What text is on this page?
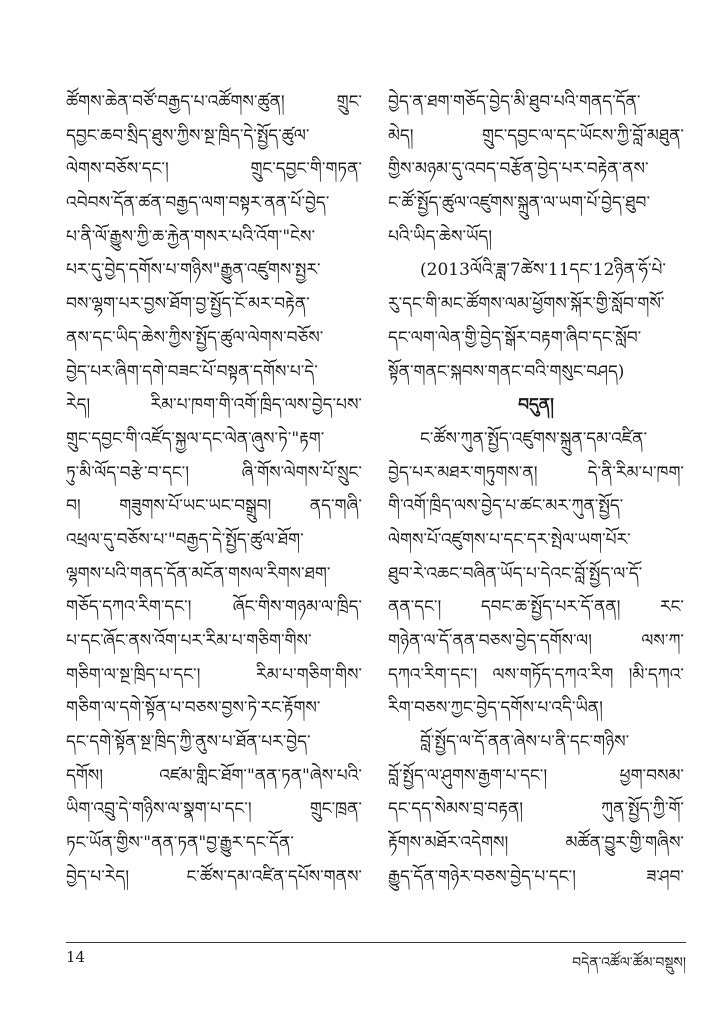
ཚོགས་ཆེན་བཙོ་བརྒྱད་པ་འཚོགས་ཚུན། གྲུང་
དབྱང་ཆབ་སྲིད་ཐུས་ཀྱིས་སྔ་ཁྲིད་དེ་སྤྱོད་ཚུལ་
ལེགས་བཅོས་དང་། གྲུང་དབྱང་གི་གཏན་
འབེབས་དོན་ཚན་བརྒྱད་ལག་བསྟར་ནན་པོ་བྱེད་
པ་ནི་ལོ་རྒྱུས་ཀྱི་ཆ་རྐྱེན་གསར་པའི་འོག་"ངེས་
པར་དུ་བྱེད་དགོས་པ་གཉིས"རྒྱུན་འཛུགས་སྤྱར་
བས་ལྷག་པར་བྱས་ཐོག་བྱ་སྤྱོད་ངོ་མར་བརྟེན་
ནས་དང་ཡིད་ཆེས་ཀྱིས་སྤྱོད་ཚུལ་ལེགས་བཅོས་
བྱེད་པར་ཞིག་དགེ་བཟང་པོ་བསྟན་དགོས་པ་དེ་
རེད། རིམ་པ་ཁག་གི་འགོ་ཁྲིད་ལས་བྱེད་པས་
གྲུང་དབྱང་གི་འཛོད་སྐྱལ་དང་ལེན་ཞུས་ཏེ་"རྟག་
ཏུ་མི་ལོད་བརྩེ་བ་དང་། ཞི་གོས་ལེགས་པོ་སྲུང་
བ། གཟུགས་པོ་ཡང་ཡང་བསྒྲུབ། ནད་གཞི་
འཕྲལ་དུ་བཅོས་པ་"བརྒྱད་དེ་སྤྱོད་ཚུལ་ཐོག་
ལྷགས་པའི་གནད་དོན་མངོན་གསལ་རིགས་ཐག་
གཅོད་དཀའ་རིག་དང་། ཞོང་གིས་གཉམ་ལ་ཁྲིད་
པ་དང་ཞོང་ནས་འོག་པར་རིམ་པ་གཅིག་གིས་
གཅིག་ལ་སྔ་ཁྲིད་པ་དང་། རིམ་པ་གཅིག་གིས་
གཅིག་ལ་དགེ་སྟོན་པ་བཅས་བྱས་ཏེ་རང་རྟོགས་
དང་དགེ་སྟོན་སྔ་ཁྲིད་ཀྱི་ནུས་པ་ཐོན་པར་བྱེད་
དགོས། འཛམ་གླིང་ཐོག་"ནན་ཏན"ཞེས་པའི་
ཡིག་འབྲུ་དེ་གཉིས་ལ་སྣག་པ་དང་། གྲུང་ཁྲན་
ཏང་ཡོན་གྱིས་"ནན་ཏན"བྱ་རྒྱུར་དང་དོན་
བྱེད་པ་རེད། ང་ཚོས་དམ་འཛིན་དཔོས་གནས་
བྱེད་ན་ཐག་གཅོད་བྱེད་མི་ཐུབ་པའི་གནད་དོན་
མེད། གྲུང་དབྱང་ལ་དང་ཡོངས་ཀྱི་བློ་མཐུན་
གྱིས་མཉམ་དུ་འབད་བརྩོན་བྱེད་པར་བརྟེན་ནས་
ང་ཚོ་སྤྱོད་ཚུལ་འཛུགས་སྐྲུན་ལ་ཡག་པོ་བྱེད་ཐུབ་
པའི་ཡིད་ཆེས་ཡོད།
(2013ལོའི་ཟླ་7ཚེས་11དང་12ཉིན་ཧོ་པེ་
རུ་དང་གི་མང་ཚོགས་ལམ་ཕྱོགས་སྐོར་གྱི་སློབ་གསོ་
དང་ལག་ལེན་གྱི་བྱེད་སྒོར་བརྟག་ཞིབ་དང་སློབ་
སྟོན་གནང་སྐབས་གནང་བའི་གསུང་བཤད)
བདུན།
ང་ཚོས་ཀུན་སྤྱོད་འཛུགས་སྐྲུན་དམ་འཛིན་
བྱེད་པར་མཐར་གཏུགས་ན། དེ་ནི་རིམ་པ་ཁག་
གི་འགོ་ཁྲིད་ལས་བྱེད་པ་ཚང་མར་ཀུན་སྤྱོད་
ལེགས་པོ་འཛུགས་པ་དང་དར་སྤེལ་ཡག་པོར་
ཐུབ་རེ་འཆང་བཞིན་ཡོད་པ་དེའང་བློ་སྤྱོད་ལ་དོ་
ནན་དང་། དབང་ཆ་སྤྱོད་པར་དོ་ནན། རང་
གཉེན་ལ་དོ་ནན་བཅས་བྱེད་དགོས་ལ། ལས་ཀ་
དཀའ་རིག་དང་། ལས་གཏོད་དཀའ་རིག །མི་དཀའ་
རིག་བཅས་ཀྱང་བྱེད་དགོས་པ་འདི་ཡིན།
བློ་སྤྱོད་ལ་དོ་ནན་ཞེས་པ་ནི་དང་གཉིས་
བློ་སྤྱོད་ལ་ཤུགས་རྒྱག་པ་དང་། ཕྱག་བསམ་
དང་དད་སེམས་བྲ་བརྟན། ཀུན་སྤྱོད་ཀྱི་གོ་
རྟོགས་མཐོར་འདེགས། མཚོན་བྱུར་གྱི་གཞིས་
རྒྱུད་དོན་གཉེར་བཅས་བྱེད་པ་དང་། ཟ་ཤབ་
14	བདེན་འཚོལ་ཚོམ་བསྡུས།
